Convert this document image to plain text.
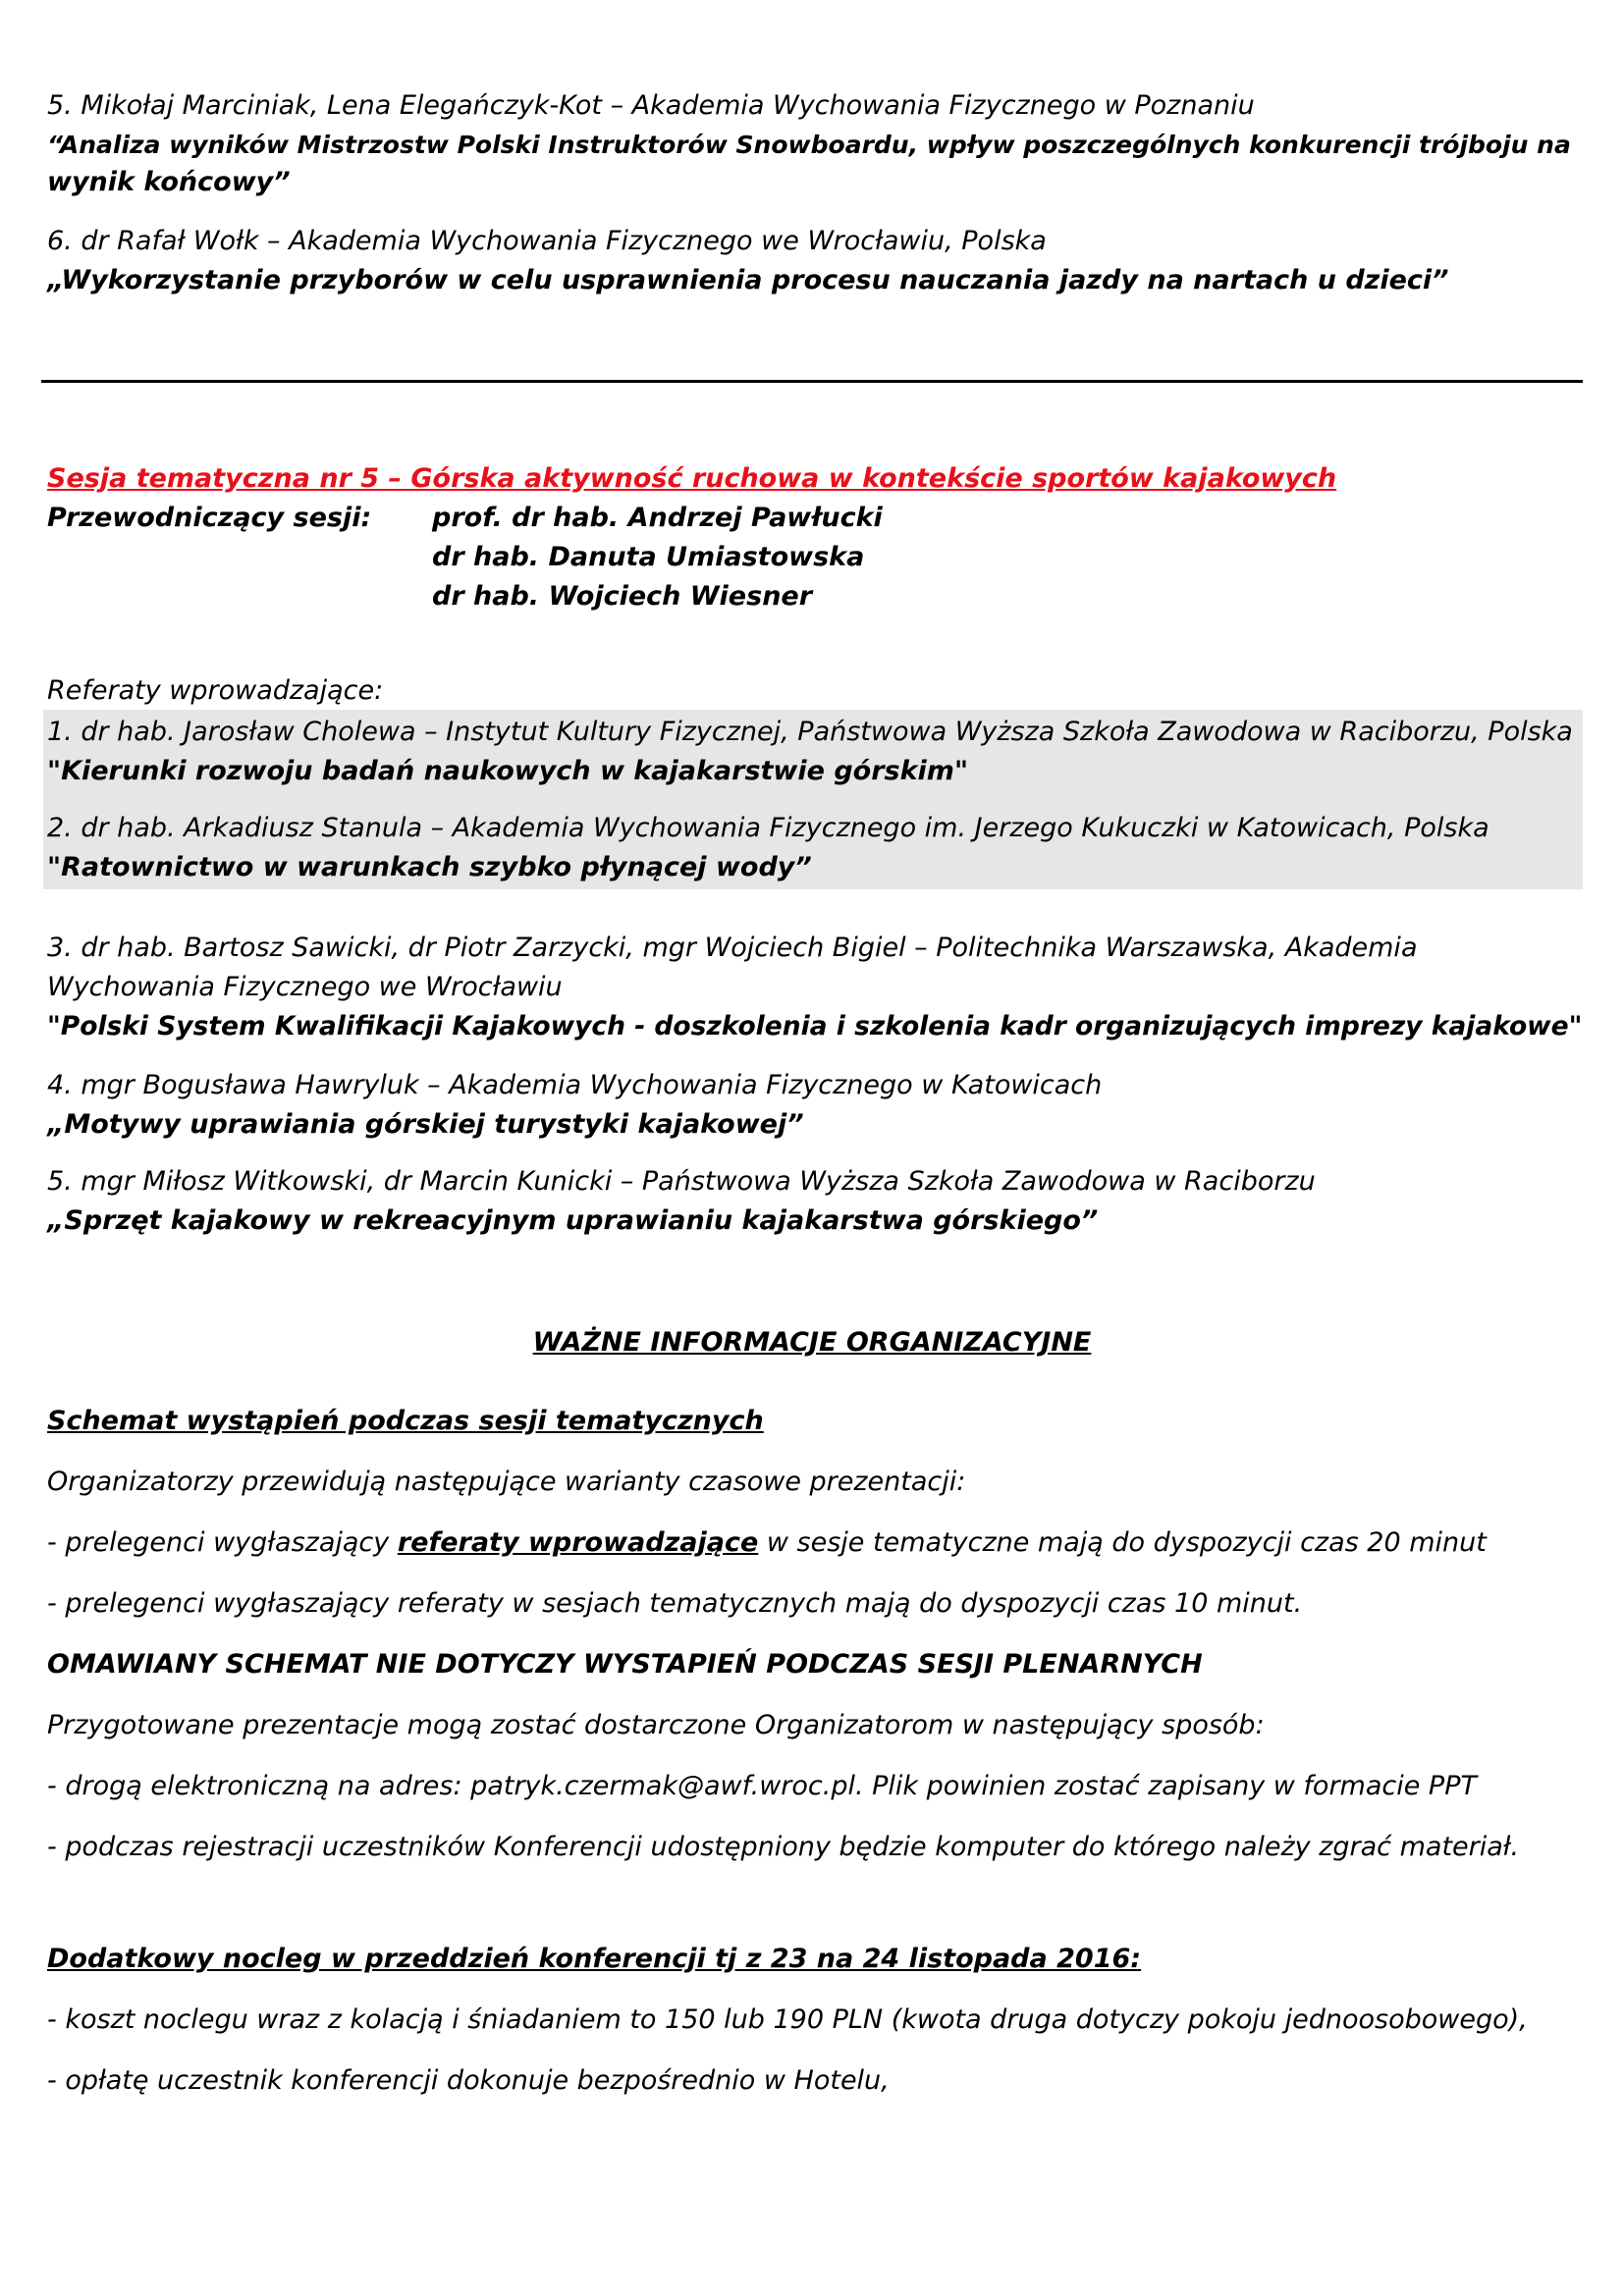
5. Mikołaj Marciniak, Lena Elegańczyk-Kot – Akademia Wychowania Fizycznego w Poznaniu
“Analiza wyników Mistrzostw Polski Instruktorów Snowboardu, wpływ poszczególnych konkurencji trójboju na
wynik końcowy”
6. dr Rafał Wołk – Akademia Wychowania Fizycznego we Wrocławiu, Polska
„Wykorzystanie przyborów w celu usprawnienia procesu nauczania jazdy na nartach u dzieci”
Sesja tematyczna nr 5 – Górska aktywność ruchowa w kontekście sportów kajakowych
Przewodniczący sesji: prof. dr hab. Andrzej Pawłucki
dr hab. Danuta Umiastowska
dr hab. Wojciech Wiesner
Referaty wprowadzające:
1. dr hab. Jarosław Cholewa – Instytut Kultury Fizycznej, Państwowa Wyższa Szkoła Zawodowa w Raciborzu, Polska
"Kierunki rozwoju badań naukowych w kajakarstwie górskim"
2. dr hab. Arkadiusz Stanula – Akademia Wychowania Fizycznego im. Jerzego Kukuczki w Katowicach, Polska
"Ratownictwo w warunkach szybko płynącej wody”
3. dr hab. Bartosz Sawicki, dr Piotr Zarzycki, mgr Wojciech Bigiel – Politechnika Warszawska, Akademia
Wychowania Fizycznego we Wrocławiu
"Polski System Kwalifikacji Kajakowych - doszkolenia i szkolenia kadr organizujących imprezy kajakowe"
4. mgr Bogusława Hawryluk – Akademia Wychowania Fizycznego w Katowicach
„Motywy uprawiania górskiej turystyki kajakowej”
5. mgr Miłosz Witkowski, dr Marcin Kunicki – Państwowa Wyższa Szkoła Zawodowa w Raciborzu
„Sprzęt kajakowy w rekreacyjnym uprawianiu kajakarstwa górskiego”
WAŻNE INFORMACJE ORGANIZACYJNE
Schemat wystąpień podczas sesji tematycznych
Organizatorzy przewidują następujące warianty czasowe prezentacji:
- prelegenci wygłaszający referaty wprowadzające w sesje tematyczne mają do dyspozycji czas 20 minut
- prelegenci wygłaszający referaty w sesjach tematycznych mają do dyspozycji czas 10 minut.
OMAWIANY SCHEMAT NIE DOTYCZY WYSTAPIEŃ PODCZAS SESJI PLENARNYCH
Przygotowane prezentacje mogą zostać dostarczone Organizatorom w następujący sposób:
- drogą elektroniczną na adres: patryk.czermak@awf.wroc.pl. Plik powinien zostać zapisany w formacie PPT
- podczas rejestracji uczestników Konferencji udostępniony będzie komputer do którego należy zgrać materiał.
Dodatkowy nocleg w przeddzień konferencji tj z 23 na 24 listopada 2016:
- koszt noclegu wraz z kolacją i śniadaniem to 150 lub 190 PLN (kwota druga dotyczy pokoju jednoosobowego),
- opłatę uczestnik konferencji dokonuje bezpośrednio w Hotelu,
